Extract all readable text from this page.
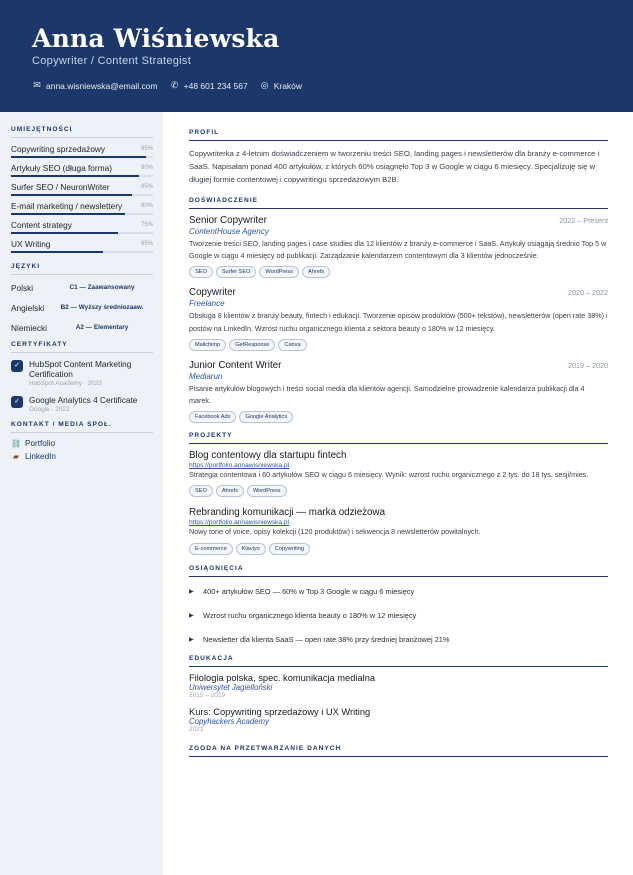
Anna Wiśniewska
Copywriter / Content Strategist
✉ anna.wisniewska@email.com ✆ +48 601 234 567 ◎ Kraków
UMIEJĘTNOŚCI
Copywriting sprzedażowy	95%
Artykuły SEO (długa forma)	90%
Surfer SEO / NeuronWriter	85%
E-mail marketing / newslettery	80%
Content strategy	75%
UX Writing	65%
JĘZYKI
Polski	C1 — Zaawansowany
Angielski	B2 — Wyższy średniozaaw.
Niemiecki	A2 — Elementary
CERTYFIKATY
✓	HubSpot Content Marketing Certification
HubSpot Academy · 2023
✓	Google Analytics 4 Certificate
Google · 2022
KONTAKT / MEDIA SPOŁ.
⛓ Portfolio
▰ LinkedIn
PROFIL
Copywriterka z 4-letnim doświadczeniem w tworzeniu treści SEO, landing pages i newsletterów dla branży e-commerce i SaaS. Napisałam ponad 400 artykułów, z których 60% osiągnęło Top 3 w Google w ciągu 6 miesięcy. Specjalizuję się w długiej formie contentowej i copywritingu sprzedażowym B2B.
DOŚWIADCZENIE
Senior Copywriter	2022 – Present
ContentHouse Agency
Tworzenie treści SEO, landing pages i case studies dla 12 klientów z branży e-commerce i SaaS. Artykuły osiągają średnio Top 5 w Google w ciągu 4 miesięcy od publikacji. Zarządzanie kalendarzem contentowym dla 3 klientów jednocześnie.
SEO	Surfer SEO	WordPress	Ahrefs
Copywriter	2020 – 2022
Freelance
Obsługa 8 klientów z branży beauty, fintech i edukacji. Tworzenie opisów produktów (500+ tekstów), newsletterów (open rate 38%) i postów na LinkedIn. Wzrost ruchu organicznego klienta z sektora beauty o 180% w 12 miesięcy.
Mailchimp	GetResponse	Canva
Junior Content Writer	2019 – 2020
Mediarun
Pisanie artykułów blogowych i treści social media dla klientów agencji. Samodzielne prowadzenie kalendarza publikacji dla 4 marek.
Facebook Ads	Google Analytics
PROJEKTY
Blog contentowy dla startupu fintech
https://portfolio.annawisniewska.pl
Strategia contentowa i 60 artykułów SEO w ciągu 6 miesięcy. Wynik: wzrost ruchu organicznego z 2 tys. do 18 tys. sesji/mies.
SEO	Ahrefs	WordPress
Rebranding komunikacji — marka odzieżowa
https://portfolio.annawisniewska.pl
Nowy tone of voice, opisy kolekcji (120 produktów) i sekwencja 8 newsletterów powitalnych.
E-commerce	Klaviyo	Copywriting
OSIĄGNIĘCIA
▶ 400+ artykułów SEO — 60% w Top 3 Google w ciągu 6 miesięcy
▶ Wzrost ruchu organicznego klienta beauty o 180% w 12 miesięcy
▶ Newsletter dla klienta SaaS — open rate 38% przy średniej branżowej 21%
EDUKACJA
Filologia polska, spec. komunikacja medialna
Uniwersytet Jagielloński
2015 – 2019
Kurs: Copywriting sprzedażowy i UX Writing
Copyhackers Academy
2021
ZGODA NA PRZETWARZANIE DANYCH
